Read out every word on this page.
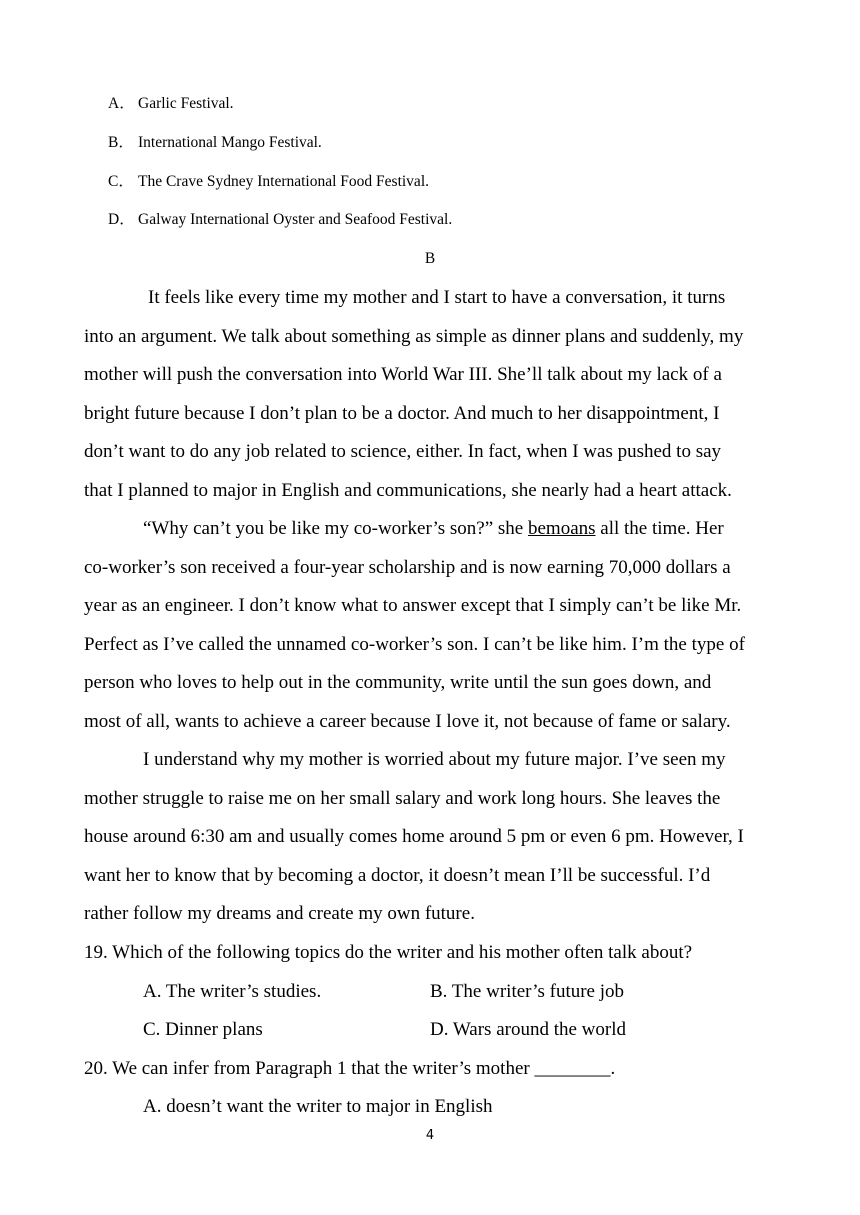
A． Garlic Festival.
B． International Mango Festival.
C． The Crave Sydney International Food Festival.
D． Galway International Oyster and Seafood Festival.
B
It feels like every time my mother and I start to have a conversation, it turns
into an argument. We talk about something as simple as dinner plans and suddenly, my
mother will push the conversation into World War III. She’ll talk about my lack of a
bright future because I don’t plan to be a doctor. And much to her disappointment, I
don’t want to do any job related to science, either. In fact, when I was pushed to say
that I planned to major in English and communications, she nearly had a heart attack.
“Why can’t you be like my co-worker’s son?” she bemoans all the time. Her
co-worker’s son received a four-year scholarship and is now earning 70,000 dollars a
year as an engineer. I don’t know what to answer except that I simply can’t be like Mr.
Perfect as I’ve called the unnamed co-worker’s son. I can’t be like him. I’m the type of
person who loves to help out in the community, write until the sun goes down, and
most of all, wants to achieve a career because I love it, not because of fame or salary.
I understand why my mother is worried about my future major. I’ve seen my
mother struggle to raise me on her small salary and work long hours. She leaves the
house around 6:30 am and usually comes home around 5 pm or even 6 pm. However, I
want her to know that by becoming a doctor, it doesn’t mean I’ll be successful. I’d
rather follow my dreams and create my own future.
19. Which of the following topics do the writer and his mother often talk about?
A. The writer’s studies.	B. The writer’s future job
C. Dinner plans	D. Wars around the world
20. We can infer from Paragraph 1 that the writer’s mother ________.
A. doesn’t want the writer to major in English
4
